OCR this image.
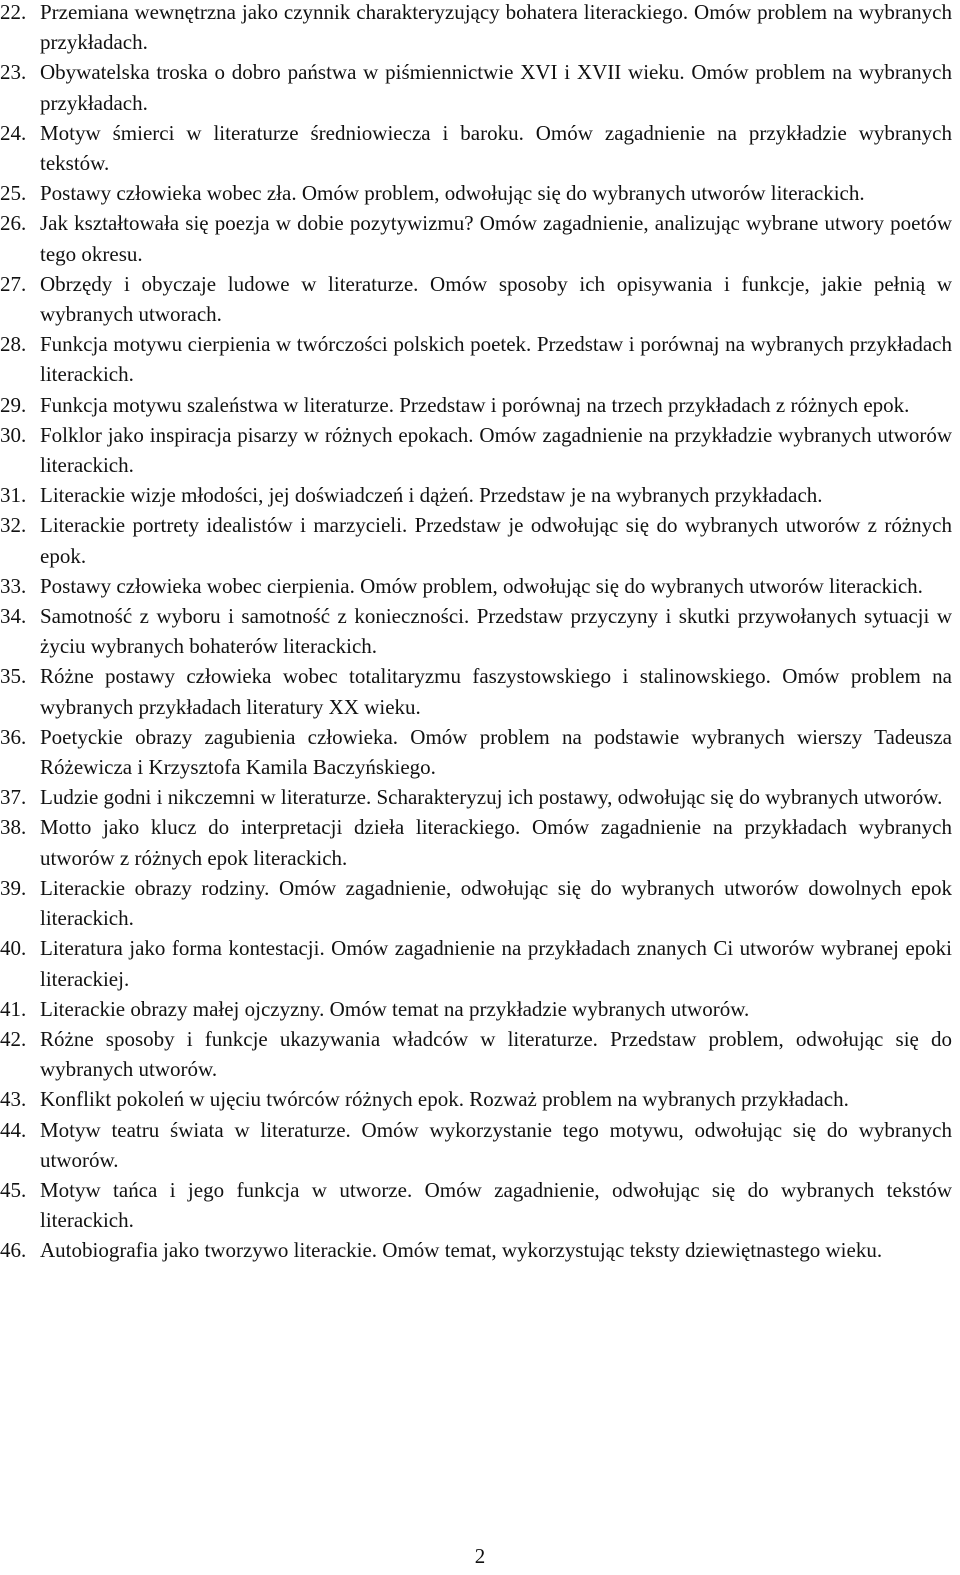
22. Przemiana wewnętrzna jako czynnik charakteryzujący bohatera literackiego. Omów problem na wybranych przykładach.
23. Obywatelska troska o dobro państwa w piśmiennictwie XVI i XVII wieku. Omów problem na wybranych przykładach.
24. Motyw śmierci w literaturze średniowiecza i baroku. Omów zagadnienie na przykładzie wybranych tekstów.
25. Postawy człowieka wobec zła. Omów problem, odwołując się do wybranych utworów literackich.
26. Jak kształtowała się poezja w dobie pozytywizmu? Omów zagadnienie, analizując wybrane utwory poetów tego okresu.
27. Obrzędy i obyczaje ludowe w literaturze. Omów sposoby ich opisywania i funkcje, jakie pełnią w wybranych utworach.
28. Funkcja motywu cierpienia w twórczości polskich poetek. Przedstaw i porównaj na wybranych przykładach literackich.
29. Funkcja motywu szaleństwa w literaturze. Przedstaw i porównaj na trzech przykładach z różnych epok.
30. Folklor jako inspiracja pisarzy w różnych epokach. Omów zagadnienie na przykładzie wybranych utworów literackich.
31. Literackie wizje młodości, jej doświadczeń i dążeń. Przedstaw je na wybranych przykładach.
32. Literackie portrety idealistów i marzycieli. Przedstaw je odwołując się do wybranych utworów z różnych epok.
33. Postawy człowieka wobec cierpienia. Omów problem, odwołując się do wybranych utworów literackich.
34. Samotność z wyboru i samotność z konieczności. Przedstaw przyczyny i skutki przywołanych sytuacji w życiu wybranych bohaterów literackich.
35. Różne postawy człowieka wobec totalitaryzmu faszystowskiego i stalinowskiego. Omów problem na wybranych przykładach literatury XX wieku.
36. Poetyckie obrazy zagubienia człowieka. Omów problem na podstawie wybranych wierszy Tadeusza Różewicza i Krzysztofa Kamila Baczyńskiego.
37. Ludzie godni i nikczemni w literaturze. Scharakteryzuj ich postawy, odwołując się do wybranych utworów.
38. Motto jako klucz do interpretacji dzieła literackiego. Omów zagadnienie na przykładach wybranych utworów z różnych epok literackich.
39. Literackie obrazy rodziny. Omów zagadnienie, odwołując się do wybranych utworów dowolnych epok literackich.
40. Literatura jako forma kontestacji. Omów zagadnienie na przykładach znanych Ci utworów wybranej epoki literackiej.
41. Literackie obrazy małej ojczyzny. Omów temat na przykładzie wybranych utworów.
42. Różne sposoby i funkcje ukazywania władców w literaturze. Przedstaw problem, odwołując się do wybranych utworów.
43. Konflikt pokoleń w ujęciu twórców różnych epok. Rozważ problem na wybranych przykładach.
44. Motyw teatru świata w literaturze. Omów wykorzystanie tego motywu, odwołując się do wybranych utworów.
45. Motyw tańca i jego funkcja w utworze. Omów zagadnienie, odwołując się do wybranych tekstów literackich.
46. Autobiografia jako tworzywo literackie. Omów temat, wykorzystując teksty dziewiętnastego wieku.
2
